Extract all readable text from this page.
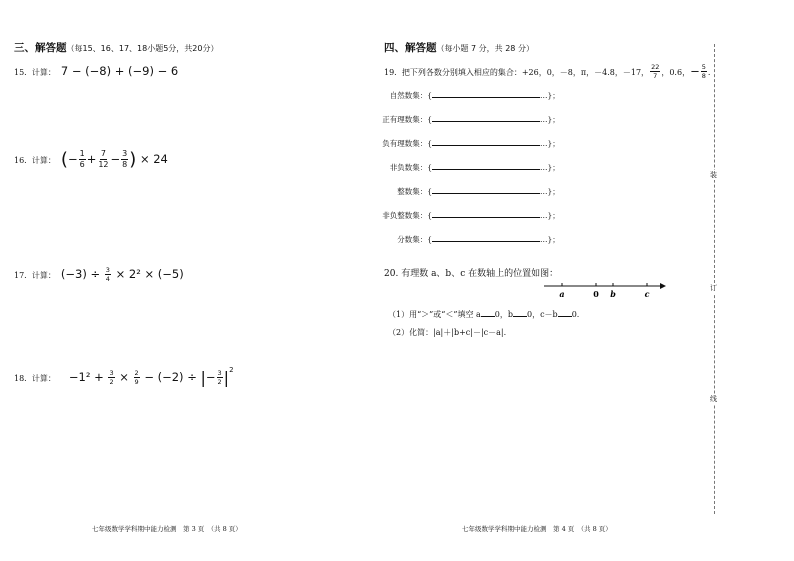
三、解答题（每15、16、17、18小题5分，共20分）
15. 计算： 7 − (−8) + (−9) − 6
16. 计算： (− $\frac{1}{6} + \frac{7}{12} - \frac{3}{8}$ ) × 24
17. 计算： $(-3) \div \frac{3}{4} \times 2^2 \times (-5)$
18. 计算： $-1^2 + \frac{3}{2} \times \frac{2}{9} - (-2)$ ÷ |− $\frac{3}{2} |^2$
七年级数学学科期中能力检测　第 3 页　（共 8 页）
四、解答题（每小题 7 分，共 28 分）
19. 把下列各数分别填入相应的集合：+26，0，－8，π，－4.8，－17， $\frac{22}{7}$ ，0.6，− $\frac{5}{8}$ .
自然数集：{	…}；
正有理数集：{	…}；
负有理数集：{	…}；
非负数集：{	…}；
整数集：{	…}；
非负整数集：{	…}；
分数集：{	…}；
20. 有理数 a、b、c 在数轴上的位置如图：
a	0 b	c
（1）用“＞”或“＜”填空 a 0，b 0，c－b 0.
（2）化简：|a|＋|b+c|－|c－a|.
七年级数学学科期中能力检测　第 4 页　（共 8 页）
装
订
线
